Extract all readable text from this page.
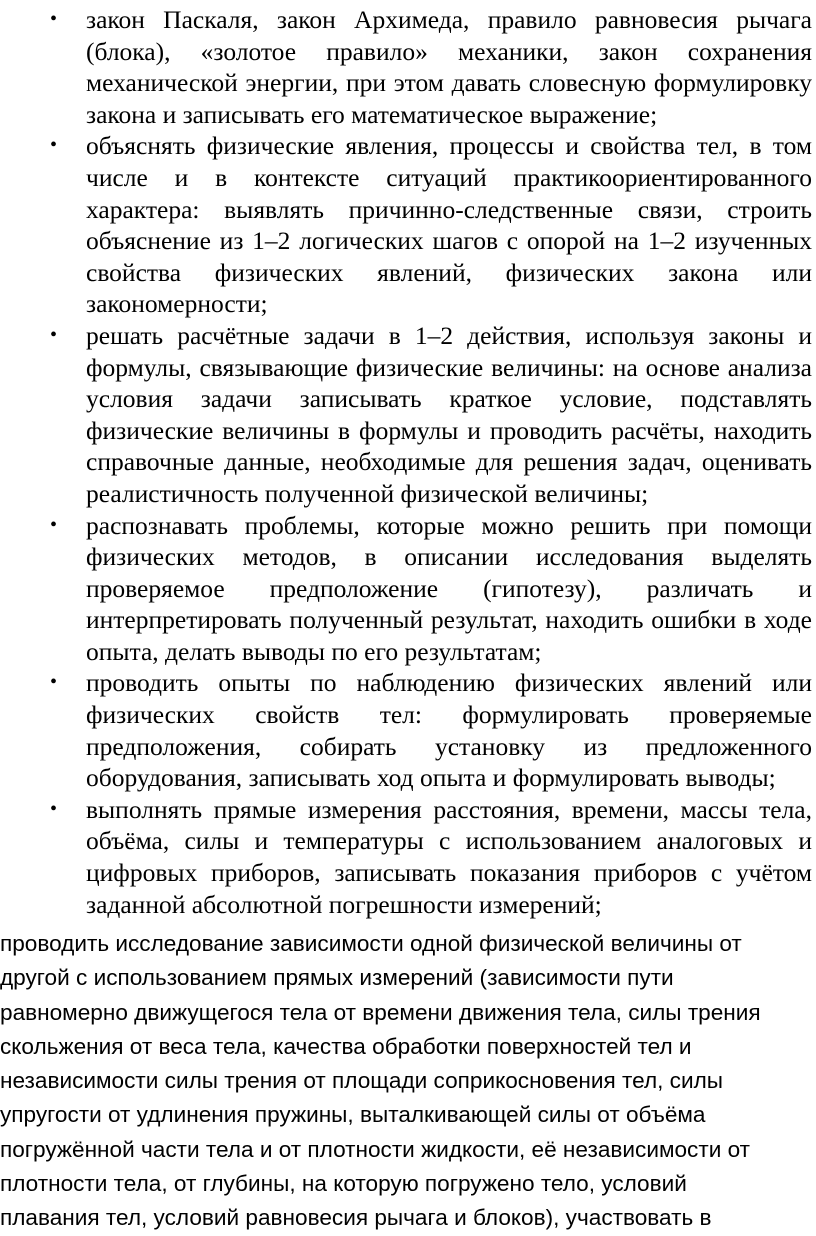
• закон Паскаля, закон Архимеда, правило равновесия рычага (блока), «золотое правило» механики, закон сохранения механической энергии, при этом давать словесную формулировку закона и записывать его математическое выражение;
• объяснять физические явления, процессы и свойства тел, в том числе и в контексте ситуаций практикоориентированного характера: выявлять причинно-следственные связи, строить объяснение из 1–2 логических шагов с опорой на 1–2 изученных свойства физических явлений, физических закона или закономерности;
• решать расчётные задачи в 1–2 действия, используя законы и формулы, связывающие физические величины: на основе анализа условия задачи записывать краткое условие, подставлять физические величины в формулы и проводить расчёты, находить справочные данные, необходимые для решения задач, оценивать реалистичность полученной физической величины;
• распознавать проблемы, которые можно решить при помощи физических методов, в описании исследования выделять проверяемое предположение (гипотезу), различать и интерпретировать полученный результат, находить ошибки в ходе опыта, делать выводы по его результатам;
• проводить опыты по наблюдению физических явлений или физических свойств тел: формулировать проверяемые предположения, собирать установку из предложенного оборудования, записывать ход опыта и формулировать выводы;
• выполнять прямые измерения расстояния, времени, массы тела, объёма, силы и температуры с использованием аналоговых и цифровых приборов, записывать показания приборов с учётом заданной абсолютной погрешности измерений;

проводить исследование зависимости одной физической величины от
другой с использованием прямых измерений (зависимости пути
равномерно движущегося тела от времени движения тела, силы трения
скольжения от веса тела, качества обработки поверхностей тел и
независимости силы трения от площади соприкосновения тел, силы
упругости от удлинения пружины, выталкивающей силы от объёма
погружённой части тела и от плотности жидкости, её независимости от
плотности тела, от глубины, на которую погружено тело, условий
плавания тел, условий равновесия рычага и блоков), участвовать в
